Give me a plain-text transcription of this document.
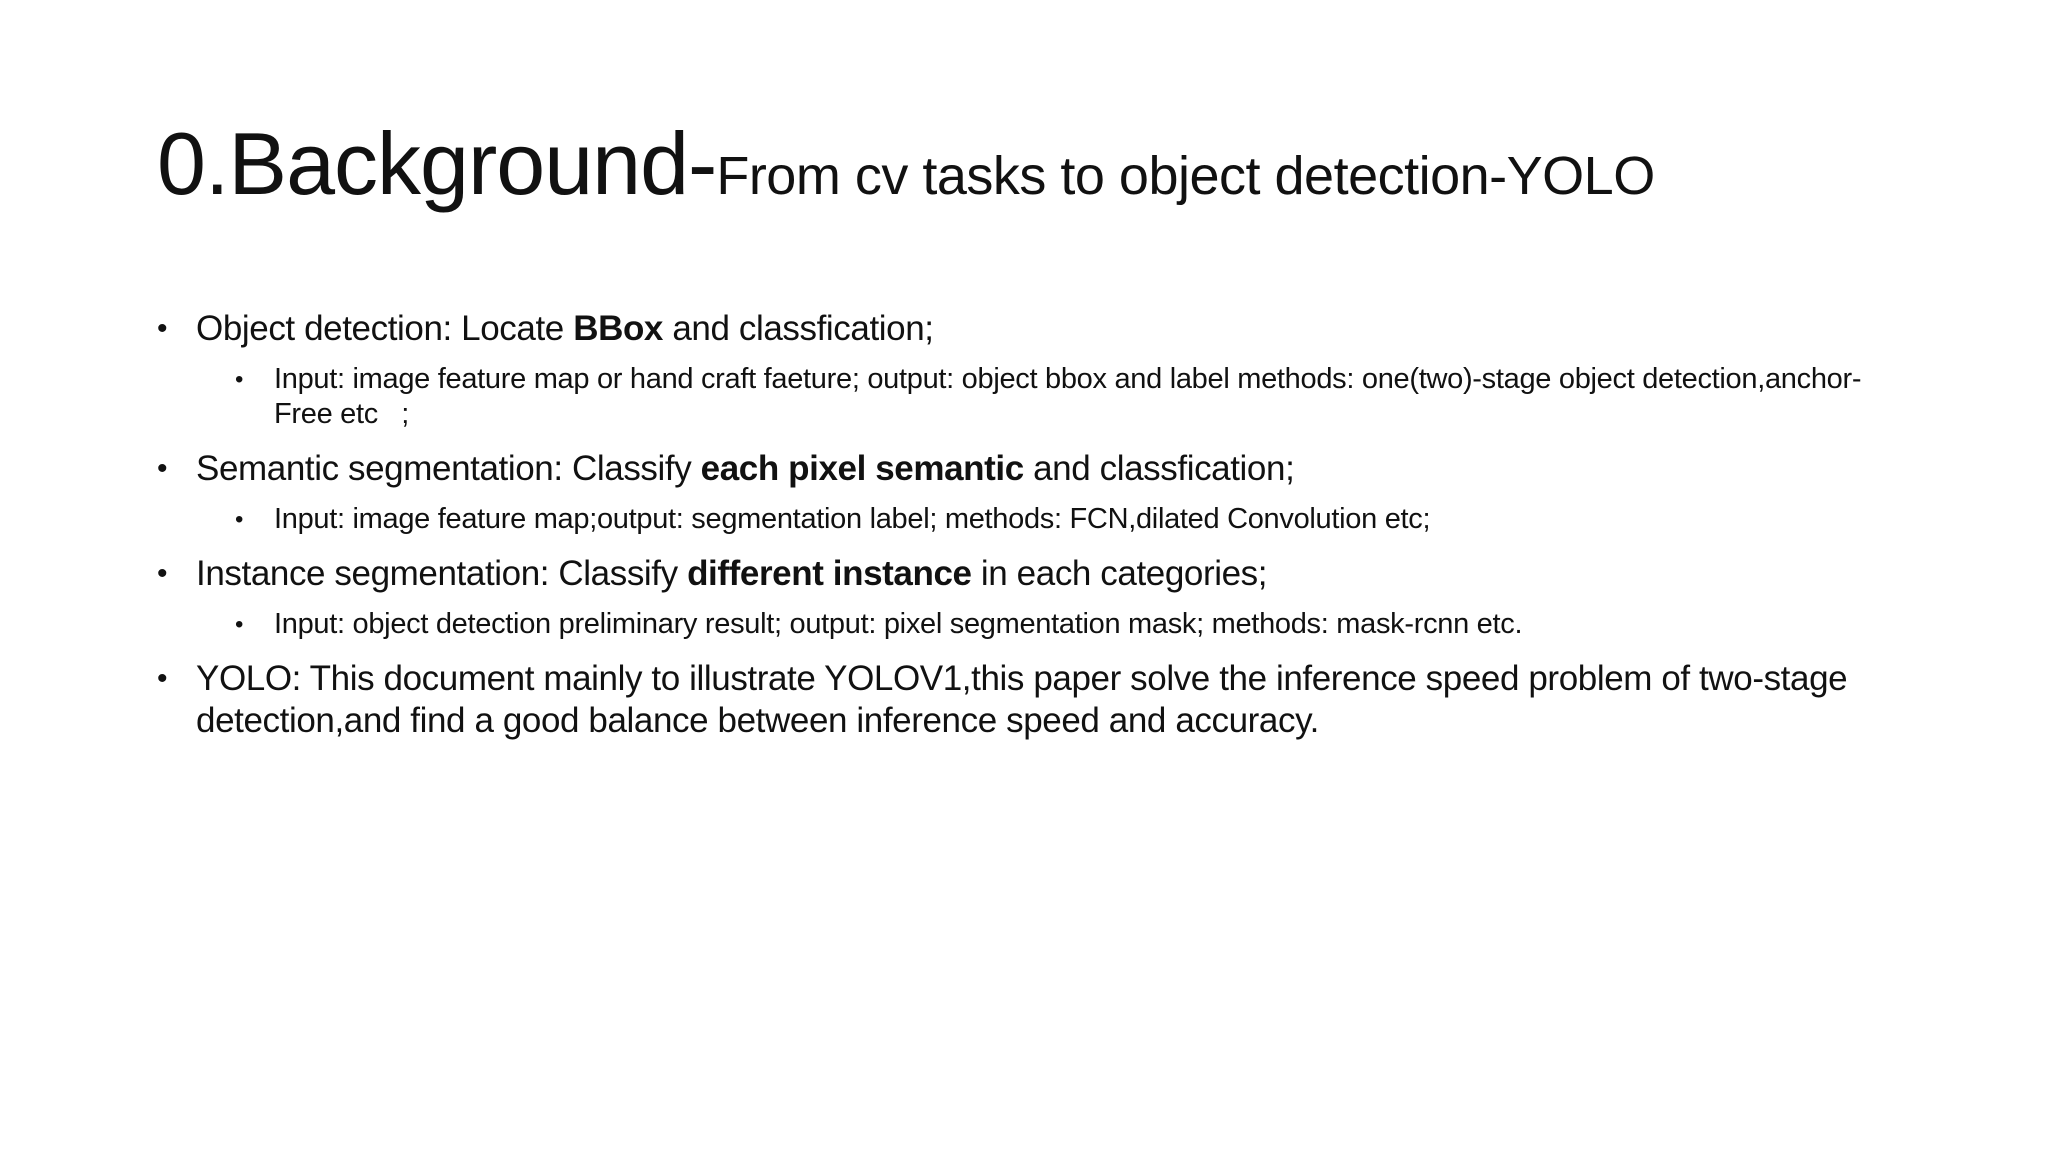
0.Background-From cv tasks to object detection-YOLO
• Object detection: Locate BBox and classfication;
• Input: image feature map or hand craft faeture; output: object bbox and label methods: one(two)-stage object detection,anchor-Free etc   ;
• Semantic segmentation: Classify each pixel semantic and classfication;
• Input: image feature map;output: segmentation label; methods: FCN,dilated Convolution etc;
• Instance segmentation: Classify different instance in each categories;
• Input: object detection preliminary result; output: pixel segmentation mask; methods: mask-rcnn etc.
• YOLO: This document mainly to illustrate YOLOV1,this paper solve the inference speed problem of two-stage detection,and find a good balance between inference speed and accuracy.
